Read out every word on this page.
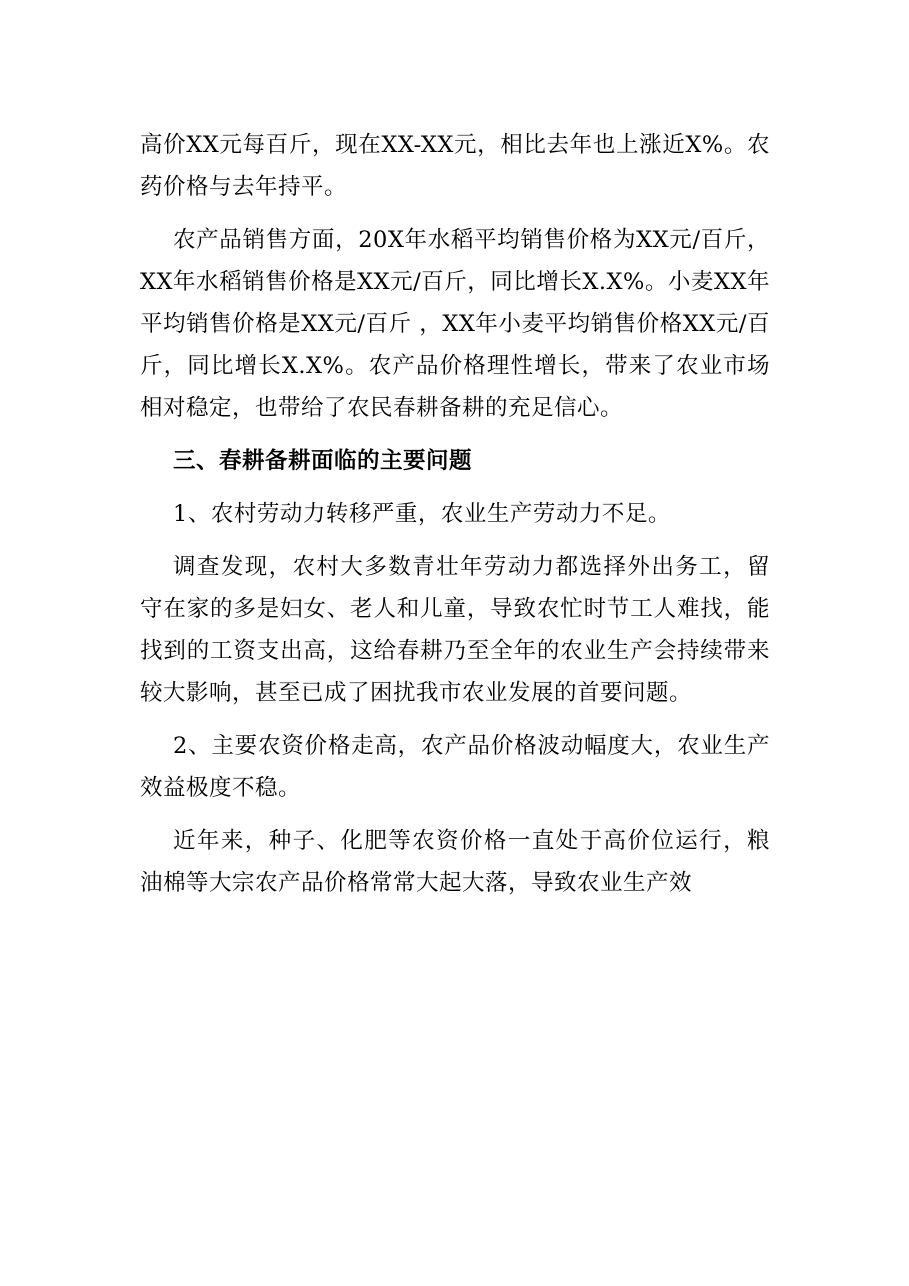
高价XX元每百斤，现在XX-XX元，相比去年也上涨近X%。农药价格与去年持平。

农产品销售方面，20X年水稻平均销售价格为XX元/百斤，XX年水稻销售价格是XX元/百斤，同比增长X.X%。小麦XX年平均销售价格是XX元/百斤 ，XX年小麦平均销售价格XX元/百斤，同比增长X.X%。农产品价格理性增长，带来了农业市场相对稳定，也带给了农民春耕备耕的充足信心。

三、春耕备耕面临的主要问题

1、农村劳动力转移严重，农业生产劳动力不足。

调查发现，农村大多数青壮年劳动力都选择外出务工，留守在家的多是妇女、老人和儿童，导致农忙时节工人难找，能找到的工资支出高，这给春耕乃至全年的农业生产会持续带来较大影响，甚至已成了困扰我市农业发展的首要问题。

2、主要农资价格走高，农产品价格波动幅度大，农业生产效益极度不稳。

近年来，种子、化肥等农资价格一直处于高价位运行，粮油棉等大宗农产品价格常常大起大落，导致农业生产效
